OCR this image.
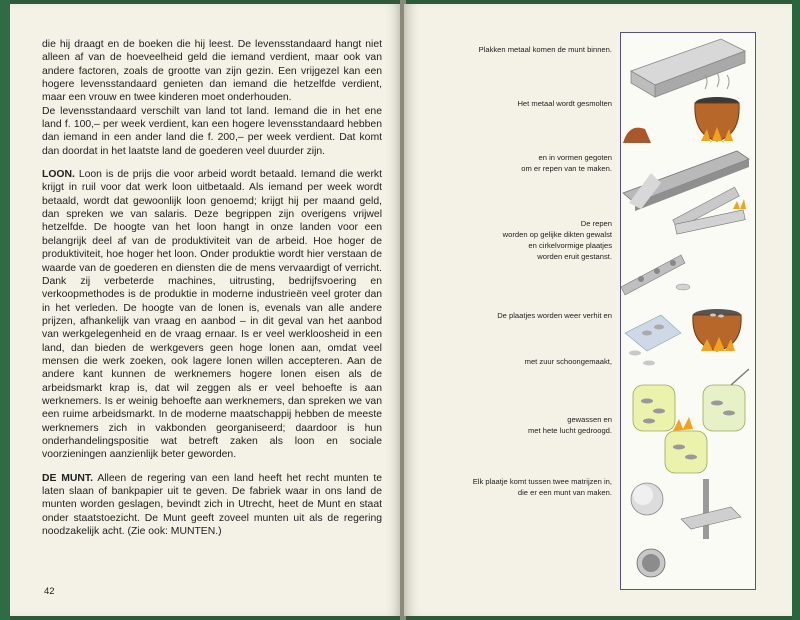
die hij draagt en de boeken die hij leest. De levensstandaard hangt niet alleen af van de hoeveelheid geld die iemand verdient, maar ook van andere factoren, zoals de grootte van zijn gezin. Een vrijgezel kan een hogere levensstandaard genieten dan iemand die hetzelfde verdient, maar een vrouw en twee kinderen moet onderhouden.

De levensstandaard verschilt van land tot land. Iemand die in het ene land f. 100,– per week verdient, kan een hogere levensstandaard hebben dan iemand in een ander land die f. 200,– per week verdient. Dat komt dan doordat in het laatste land de goederen veel duurder zijn.

LOON. Loon is de prijs die voor arbeid wordt betaald. Iemand die werkt krijgt in ruil voor dat werk loon uitbetaald. Als iemand per week wordt betaald, wordt dat gewoonlijk loon genoemd; krijgt hij per maand geld, dan spreken we van salaris. Deze begrippen zijn overigens vrijwel hetzelfde. De hoogte van het loon hangt in onze landen voor een belangrijk deel af van de produktiviteit van de arbeid. Hoe hoger de produktiviteit, hoe hoger het loon. Onder produktie wordt hier verstaan de waarde van de goederen en diensten die de mens vervaardigt of verricht. Dank zij verbeterde machines, uitrusting, bedrijfsvoering en verkoopmethodes is de produktie in moderne industrieën veel groter dan in het verleden. De hoogte van de lonen is, evenals van alle andere prijzen, afhankelijk van vraag en aanbod – in dit geval van het aanbod van werkgelegenheid en de vraag ernaar. Is er veel werkloosheid in een land, dan bieden de werkgevers geen hoge lonen aan, omdat veel mensen die werk zoeken, ook lagere lonen willen accepteren. Aan de andere kant kunnen de werknemers hogere lonen eisen als de arbeidsmarkt krap is, dat wil zeggen als er veel behoefte is aan werknemers. Is er weinig behoefte aan werknemers, dan spreken we van een ruime arbeidsmarkt. In de moderne maatschappij hebben de meeste werknemers zich in vakbonden georganiseerd; daardoor is hun onderhandelingspositie wat betreft zaken als loon en sociale voorzieningen aanzienlijk beter geworden.

DE MUNT. Alleen de regering van een land heeft het recht munten te laten slaan of bankpapier uit te geven. De fabriek waar in ons land de munten worden geslagen, bevindt zich in Utrecht, heet de Munt en staat onder staatstoezicht. De Munt geeft zoveel munten uit als de regering noodzakelijk acht. (Zie ook: MUNTEN.)

42
Plakken metaal komen de munt binnen.
Het metaal wordt gesmolten
en in vormen gegoten
om er repen van te maken.
De repen
worden op gelijke dikten gewalst
en cirkelvormige plaatjes
worden eruit gestanst.
De plaatjes worden weer verhit en
met zuur schoongemaakt,
gewassen en
met hete lucht gedroogd.
Elk plaatje komt tussen twee matrijzen in,
die er een munt van maken.
